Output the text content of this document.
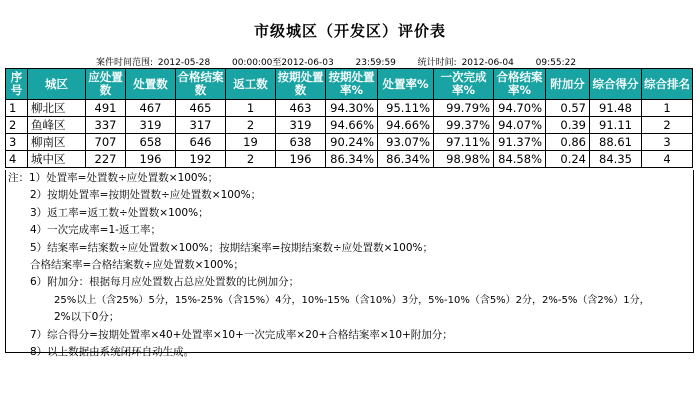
市级城区（开发区）评价表
案件时间范围: 2012-05-28 00:00:00至2012-06-03 23:59:59 统计时间: 2012-06-04 09:55:22
序号	城区	应处置数	处置数	合格结案数	返工数	按期处置数	按期处置率%	处置率%	一次完成率%	合格结案率%	附加分	综合得分	综合排名
1	柳北区	491	467	465	1	463	94.30%	95.11%	99.79%	94.70%	0.57	91.48	1
2	鱼峰区	337	319	317	2	319	94.66%	94.66%	99.37%	94.07%	0.39	91.11	2
3	柳南区	707	658	646	19	638	90.24%	93.07%	97.11%	91.37%	0.86	88.61	3
4	城中区	227	196	192	2	196	86.34%	86.34%	98.98%	84.58%	0.24	84.35	4
注：1）处置率=处置数÷应处置数×100%；
2）按期处置率=按期处置数÷应处置数×100%；
3）返工率=返工数÷处置数×100%；
4）一次完成率=1-返工率；
5）结案率=结案数÷应处置数×100%；按期结案率=按期结案数÷应处置数×100%；
合格结案率=合格结案数÷应处置数×100%；
6）附加分：根据每月应处置数占总应处置数的比例加分；
25%以上（含25%）5分，15%-25%（含15%）4分，10%-15%（含10%）3分，5%-10%（含5%）2分，2%-5%（含2%）1分，
2%以下0分；
7）综合得分=按期处置率×40+处置率×10+一次完成率×20+合格结案率×10+附加分；
8）以上数据由系统闭环自动生成。
